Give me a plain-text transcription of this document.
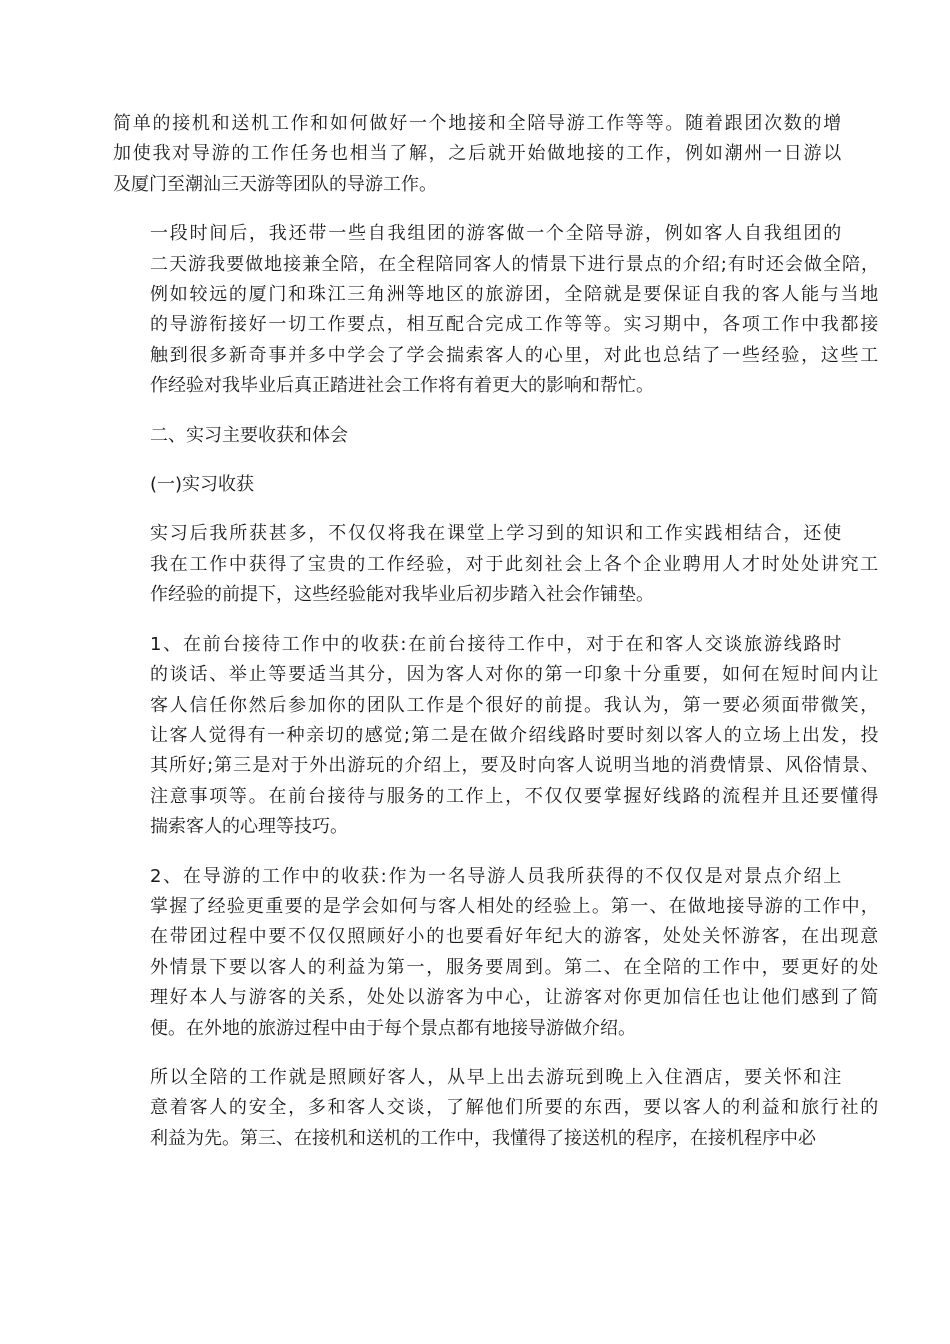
简单的接机和送机工作和如何做好一个地接和全陪导游工作等等。随着跟团次数的增
加使我对导游的工作任务也相当了解，之后就开始做地接的工作，例如潮州一日游以
及厦门至潮汕三天游等团队的导游工作。

一段时间后，我还带一些自我组团的游客做一个全陪导游，例如客人自我组团的
二天游我要做地接兼全陪，在全程陪同客人的情景下进行景点的介绍;有时还会做全陪，
例如较远的厦门和珠江三角洲等地区的旅游团，全陪就是要保证自我的客人能与当地
的导游衔接好一切工作要点，相互配合完成工作等等。实习期中，各项工作中我都接
触到很多新奇事并多中学会了学会揣索客人的心里，对此也总结了一些经验，这些工
作经验对我毕业后真正踏进社会工作将有着更大的影响和帮忙。

二、实习主要收获和体会

(一)实习收获

实习后我所获甚多，不仅仅将我在课堂上学习到的知识和工作实践相结合，还使
我在工作中获得了宝贵的工作经验，对于此刻社会上各个企业聘用人才时处处讲究工
作经验的前提下，这些经验能对我毕业后初步踏入社会作铺垫。

1、在前台接待工作中的收获:在前台接待工作中，对于在和客人交谈旅游线路时
的谈话、举止等要适当其分，因为客人对你的第一印象十分重要，如何在短时间内让
客人信任你然后参加你的团队工作是个很好的前提。我认为，第一要必须面带微笑，
让客人觉得有一种亲切的感觉;第二是在做介绍线路时要时刻以客人的立场上出发，投
其所好;第三是对于外出游玩的介绍上，要及时向客人说明当地的消费情景、风俗情景、
注意事项等。在前台接待与服务的工作上，不仅仅要掌握好线路的流程并且还要懂得
揣索客人的心理等技巧。

2、在导游的工作中的收获:作为一名导游人员我所获得的不仅仅是对景点介绍上
掌握了经验更重要的是学会如何与客人相处的经验上。第一、在做地接导游的工作中，
在带团过程中要不仅仅照顾好小的也要看好年纪大的游客，处处关怀游客，在出现意
外情景下要以客人的利益为第一，服务要周到。第二、在全陪的工作中，要更好的处
理好本人与游客的关系，处处以游客为中心，让游客对你更加信任也让他们感到了简
便。在外地的旅游过程中由于每个景点都有地接导游做介绍。

所以全陪的工作就是照顾好客人，从早上出去游玩到晚上入住酒店，要关怀和注
意着客人的安全，多和客人交谈，了解他们所要的东西，要以客人的利益和旅行社的
利益为先。第三、在接机和送机的工作中，我懂得了接送机的程序，在接机程序中必
